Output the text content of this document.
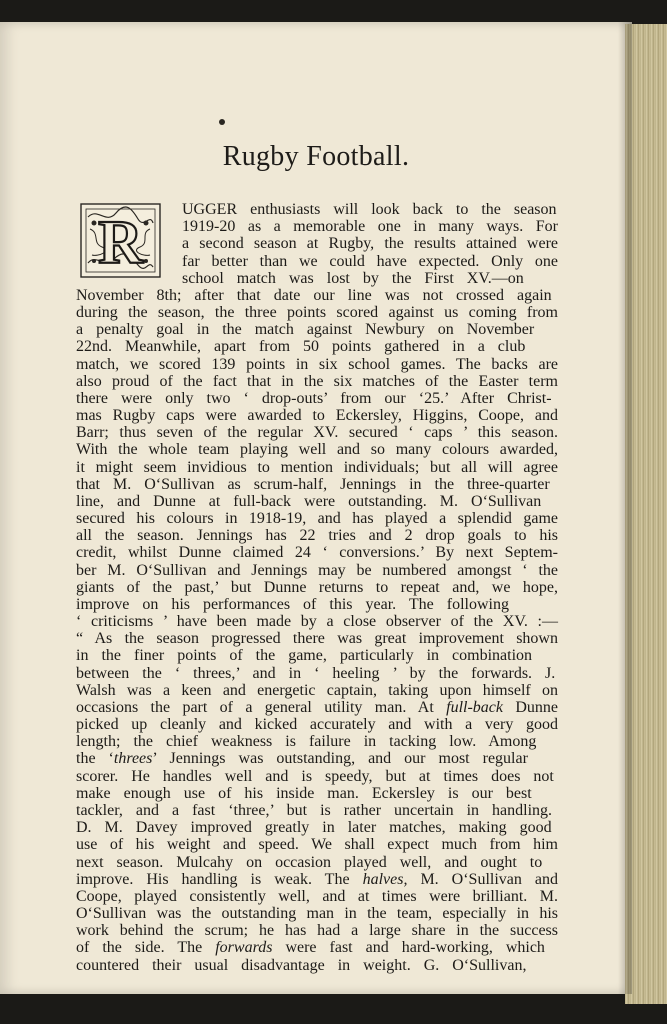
Rugby Football.
R UGGER enthusiasts will look back to the season
1919-20 as a memorable one in many ways. For
a second season at Rugby, the results attained were
far better than we could have expected. Only one
school match was lost by the First XV.—on
November 8th; after that date our line was not crossed again
during the season, the three points scored against us coming from
a penalty goal in the match against Newbury on November
22nd. Meanwhile, apart from 50 points gathered in a club
match, we scored 139 points in six school games. The backs are
also proud of the fact that in the six matches of the Easter term
there were only two ‘ drop-outs’ from our ‘25.’ After Christ-
mas Rugby caps were awarded to Eckersley, Higgins, Coope, and
Barr; thus seven of the regular XV. secured ‘ caps ’ this season.
With the whole team playing well and so many colours awarded,
it might seem invidious to mention individuals; but all will agree
that M. O‘Sullivan as scrum-half, Jennings in the three-quarter
line, and Dunne at full-back were outstanding. M. O‘Sullivan
secured his colours in 1918-19, and has played a splendid game
all the season. Jennings has 22 tries and 2 drop goals to his
credit, whilst Dunne claimed 24 ‘ conversions.’ By next Septem-
ber M. O‘Sullivan and Jennings may be numbered amongst ‘ the
giants of the past,’ but Dunne returns to repeat and, we hope,
improve on his performances of this year. The following
‘ criticisms ’ have been made by a close observer of the XV. :—
“ As the season progressed there was great improvement shown
in the finer points of the game, particularly in combination
between the ‘ threes,’ and in ‘ heeling ’ by the forwards. J.
Walsh was a keen and energetic captain, taking upon himself on
occasions the part of a general utility man. At full-back Dunne
picked up cleanly and kicked accurately and with a very good
length; the chief weakness is failure in tacking low. Among
the ‘threes’ Jennings was outstanding, and our most regular
scorer. He handles well and is speedy, but at times does not
make enough use of his inside man. Eckersley is our best
tackler, and a fast ‘three,’ but is rather uncertain in handling.
D. M. Davey improved greatly in later matches, making good
use of his weight and speed. We shall expect much from him
next season. Mulcahy on occasion played well, and ought to
improve. His handling is weak. The halves, M. O‘Sullivan and
Coope, played consistently well, and at times were brilliant. M.
O‘Sullivan was the outstanding man in the team, especially in his
work behind the scrum; he has had a large share in the success
of the side. The forwards were fast and hard-working, which
countered their usual disadvantage in weight. G. O‘Sullivan,
